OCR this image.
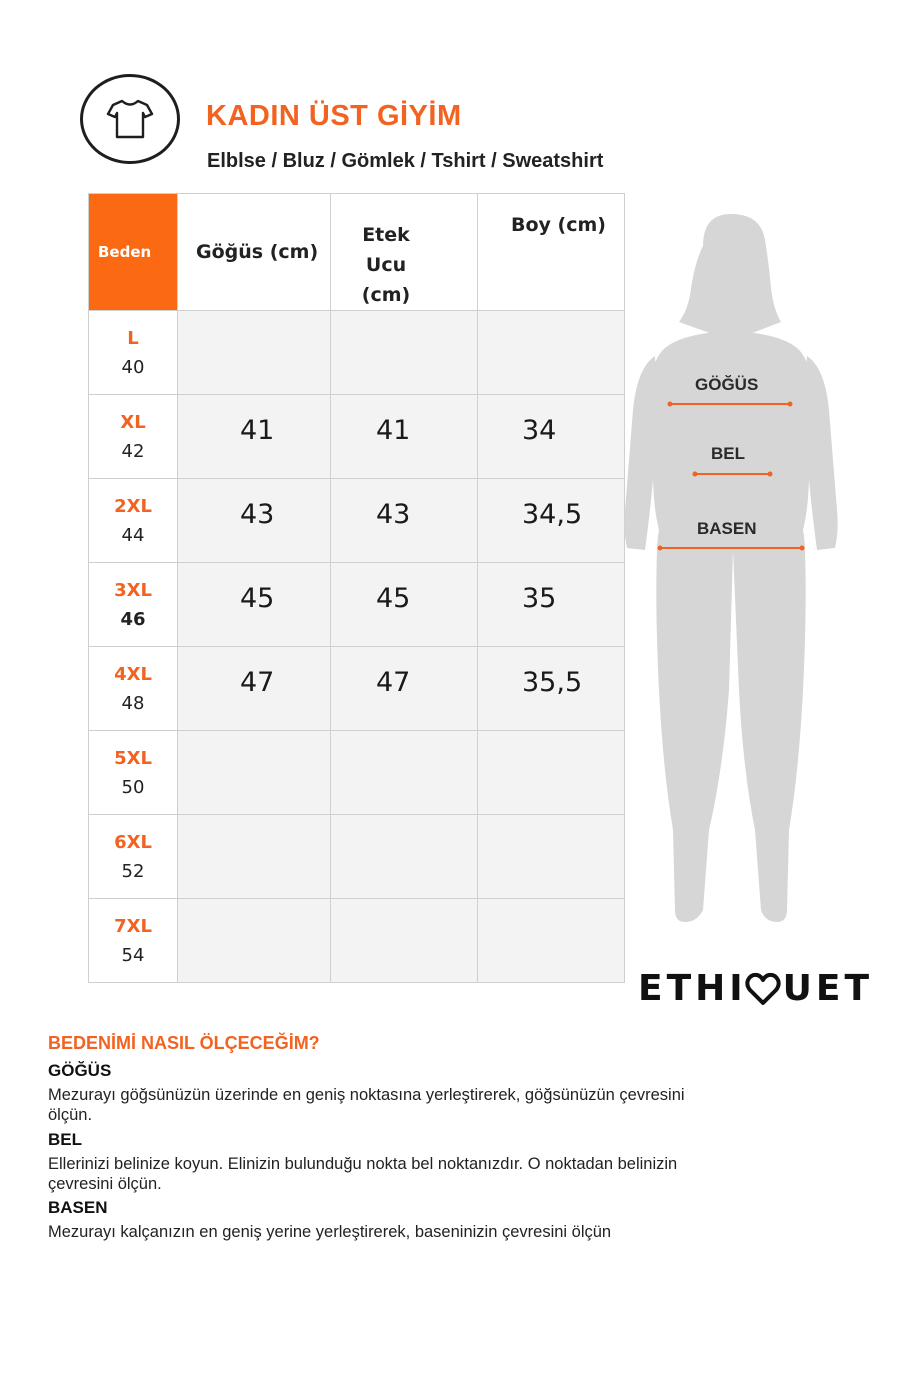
KADIN ÜST GİYİM
Elblse / Bluz / Gömlek / Tshirt / Sweatshirt
Beden	Göğüs (cm)	Etek Ucu (cm)	Boy (cm)

L
40			

XL
42	41	41	34

2XL
44	43	43	34,5

3XL
46	45	45	35

4XL
48	47	47	35,5

5XL
50			

6XL
52			

7XL
54			

GÖĞÜS
BEL
BASEN
ETHI UET
BEDENİMİ NASIL ÖLÇECEĞİM?
GÖĞÜS
Mezurayı göğsünüzün üzerinde en geniş noktasına yerleştirerek, göğsünüzün çevresini ölçün.
BEL
Ellerinizi belinize koyun. Elinizin bulunduğu nokta bel noktanızdır. O noktadan belinizin çevresini ölçün.
BASEN
Mezurayı kalçanızın en geniş yerine yerleştirerek, baseninizin çevresini ölçün
